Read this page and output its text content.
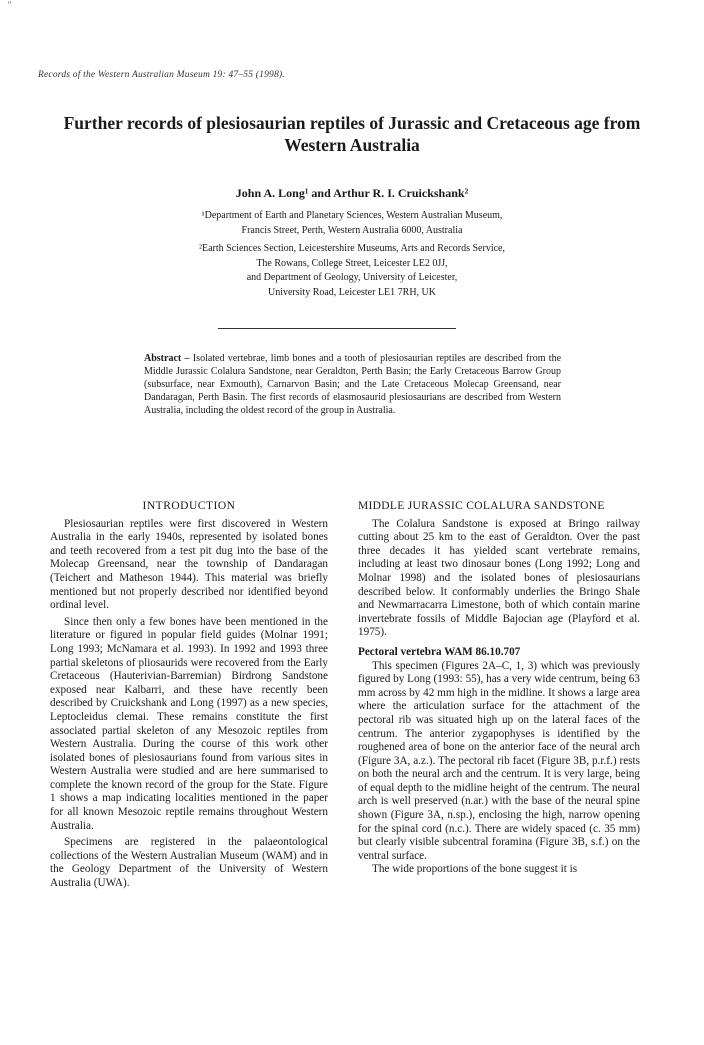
''
Records of the Western Australian Museum 19: 47–55 (1998).
Further records of plesiosaurian reptiles of Jurassic and Cretaceous age from Western Australia
John A. Long¹ and Arthur R. I. Cruickshank²

¹Department of Earth and Planetary Sciences, Western Australian Museum,

Francis Street, Perth, Western Australia 6000, Australia

²Earth Sciences Section, Leicestershire Museums, Arts and Records Service,

The Rowans, College Street, Leicester LE2 0JJ,

and Department of Geology, University of Leicester,

University Road, Leicester LE1 7RH, UK

Abstract – Isolated vertebrae, limb bones and a tooth of plesiosaurian reptiles are described from the Middle Jurassic Colalura Sandstone, near Geraldton, Perth Basin; the Early Cretaceous Barrow Group (subsurface, near Exmouth), Carnarvon Basin; and the Late Cretaceous Molecap Greensand, near Dandaragan, Perth Basin. The first records of elasmosaurid plesiosaurians are described from Western Australia, including the oldest record of the group in Australia.

INTRODUCTION

Plesiosaurian reptiles were first discovered in Western Australia in the early 1940s, represented by isolated bones and teeth recovered from a test pit dug into the base of the Molecap Greensand, near the township of Dandaragan (Teichert and Matheson 1944). This material was briefly mentioned but not properly described nor identified beyond ordinal level.

Since then only a few bones have been mentioned in the literature or figured in popular field guides (Molnar 1991; Long 1993; McNamara et al. 1993). In 1992 and 1993 three partial skeletons of pliosaurids were recovered from the Early Cretaceous (Hauterivian-Barremian) Birdrong Sandstone exposed near Kalbarri, and these have recently been described by Cruickshank and Long (1997) as a new species, Leptocleidus clemai. These remains constitute the first associated partial skeleton of any Mesozoic reptiles from Western Australia. During the course of this work other isolated bones of plesiosaurians found from various sites in Western Australia were studied and are here summarised to complete the known record of the group for the State. Figure 1 shows a map indicating localities mentioned in the paper for all known Mesozoic reptile remains throughout Western Australia.

Specimens are registered in the palaeontological collections of the Western Australian Museum (WAM) and in the Geology Department of the University of Western Australia (UWA).

MIDDLE JURASSIC COLALURA SANDSTONE

The Colalura Sandstone is exposed at Bringo railway cutting about 25 km to the east of Geraldton. Over the past three decades it has yielded scant vertebrate remains, including at least two dinosaur bones (Long 1992; Long and Molnar 1998) and the isolated bones of plesiosaurians described below. It conformably underlies the Bringo Shale and Newmarracarra Limestone, both of which contain marine invertebrate fossils of Middle Bajocian age (Playford et al. 1975).

Pectoral vertebra WAM 86.10.707

This specimen (Figures 2A–C, 1, 3) which was previously figured by Long (1993: 55), has a very wide centrum, being 63 mm across by 42 mm high in the midline. It shows a large area where the articulation surface for the attachment of the pectoral rib was situated high up on the lateral faces of the centrum. The anterior zygapophyses is identified by the roughened area of bone on the anterior face of the neural arch (Figure 3A, a.z.). The pectoral rib facet (Figure 3B, p.r.f.) rests on both the neural arch and the centrum. It is very large, being of equal depth to the midline height of the centrum. The neural arch is well preserved (n.ar.) with the base of the neural spine shown (Figure 3A, n.sp.), enclosing the high, narrow opening for the spinal cord (n.c.). There are widely spaced (c. 35 mm) but clearly visible subcentral foramina (Figure 3B, s.f.) on the ventral surface.

The wide proportions of the bone suggest it is
